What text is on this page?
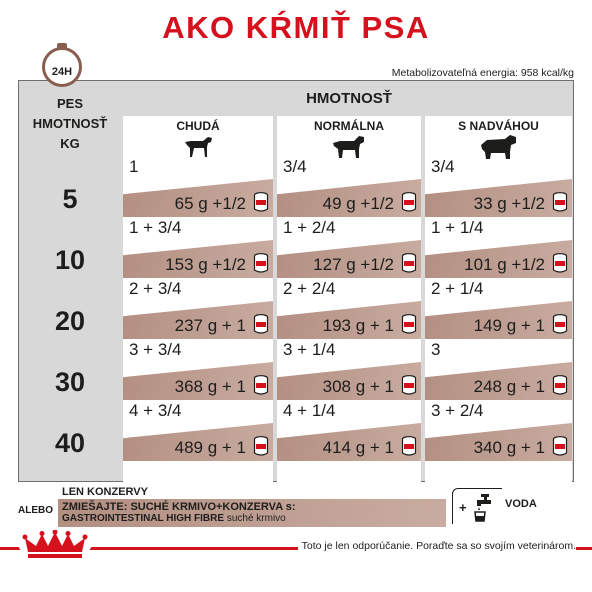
AKO KŔMIŤ PSA
24H	Metabolizovateľná energia: 958 kcal/kg
PES
HMOTNOSŤ
KG
HMOTNOSŤ
5
10
20
30
40
CHUDÁ
1
65 g +1/2
1 + 3/4
153 g +1/2
2 + 3/4
237 g + 1
3 + 3/4
368 g + 1
4 + 3/4
489 g + 1
NORMÁLNA
3/4
49 g +1/2
1 + 2/4
127 g +1/2
2 + 2/4
193 g + 1
3 + 1/4
308 g + 1
4 + 1/4
414 g + 1
S NADVÁHOU
3/4
33 g +1/2
1 + 1/4
101 g +1/2
2 + 1/4
149 g + 1
3
248 g + 1
3 + 2/4
340 g + 1
LEN KONZERVY
ALEBO ZMIEŠAJTE: SUCHÉ KRMIVO+KONZERVA s:
GASTROINTESTINAL HIGH FIBRE suché krmivo
+	VODA
Toto je len odporúčanie. Poraďte sa so svojím veterinárom.
